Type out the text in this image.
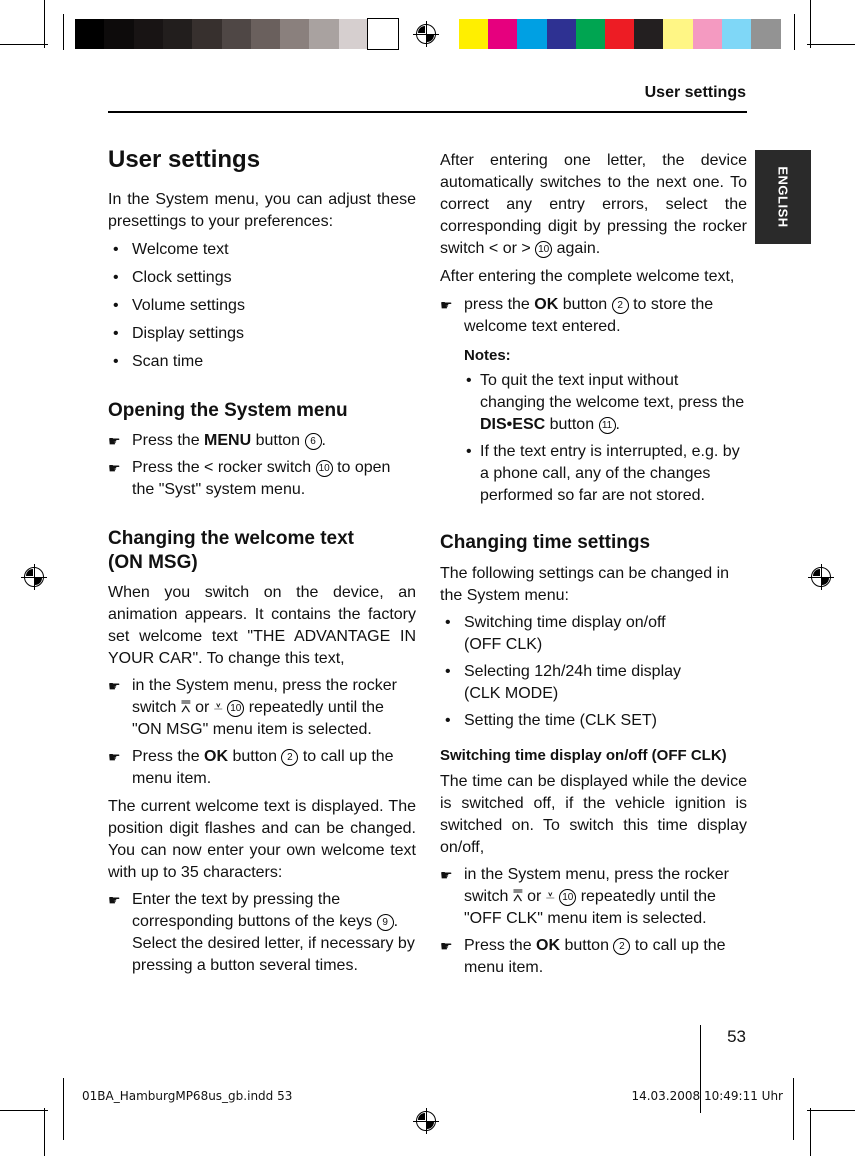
User settings
ENGLISH

User settings

In the System menu, you can adjust these presettings to your preferences:

• Welcome text

• Clock settings

• Volume settings

• Display settings

• Scan time

Opening the System menu

☛ Press the MENU button 6 .

☛ Press the < rocker switch 10 to open the "Syst" system menu.

Changing the welcome text

(ON MSG)

When you switch on the device, an animation appears. It contains the factory set welcome text "THE ADVANTAGE IN YOUR CAR". To change this text,

☛ in the System menu, press the rocker switch ⩞ or ⩡ 10 repeatedly until the "ON MSG" menu item is selected.

☛ Press the OK button 2 to call up the menu item.

The current welcome text is displayed. The position digit flashes and can be changed. You can now enter your own welcome text with up to 35 characters:

☛ Enter the text by pressing the corresponding buttons of the keys 9 . Select the desired letter, if necessary by pressing a button several times.

After entering one letter, the device automatically switches to the next one. To correct any entry errors, select the corresponding digit by pressing the rocker switch < or > 10 again.

After entering the complete welcome text,

☛ press the OK button 2 to store the welcome text entered.

Notes:

• To quit the text input without changing the welcome text, press the DIS•ESC button 11 .

• If the text entry is interrupted, e.g. by a phone call, any of the changes performed so far are not stored.

Changing time settings

The following settings can be changed in the System menu:

• Switching time display on/off
(OFF CLK)

• Selecting 12h/24h time display
(CLK MODE)

• Setting the time (CLK SET)

Switching time display on/off (OFF CLK)

The time can be displayed while the device is switched off, if the vehicle ignition is switched on. To switch this time display on/off,

☛ in the System menu, press the rocker switch ⩞ or ⩡ 10 repeatedly until the "OFF CLK" menu item is selected.

☛ Press the OK button 2 to call up the menu item.

53
01BA_HamburgMP68us_gb.indd 53	14.03.2008 10:49:11 Uhr
